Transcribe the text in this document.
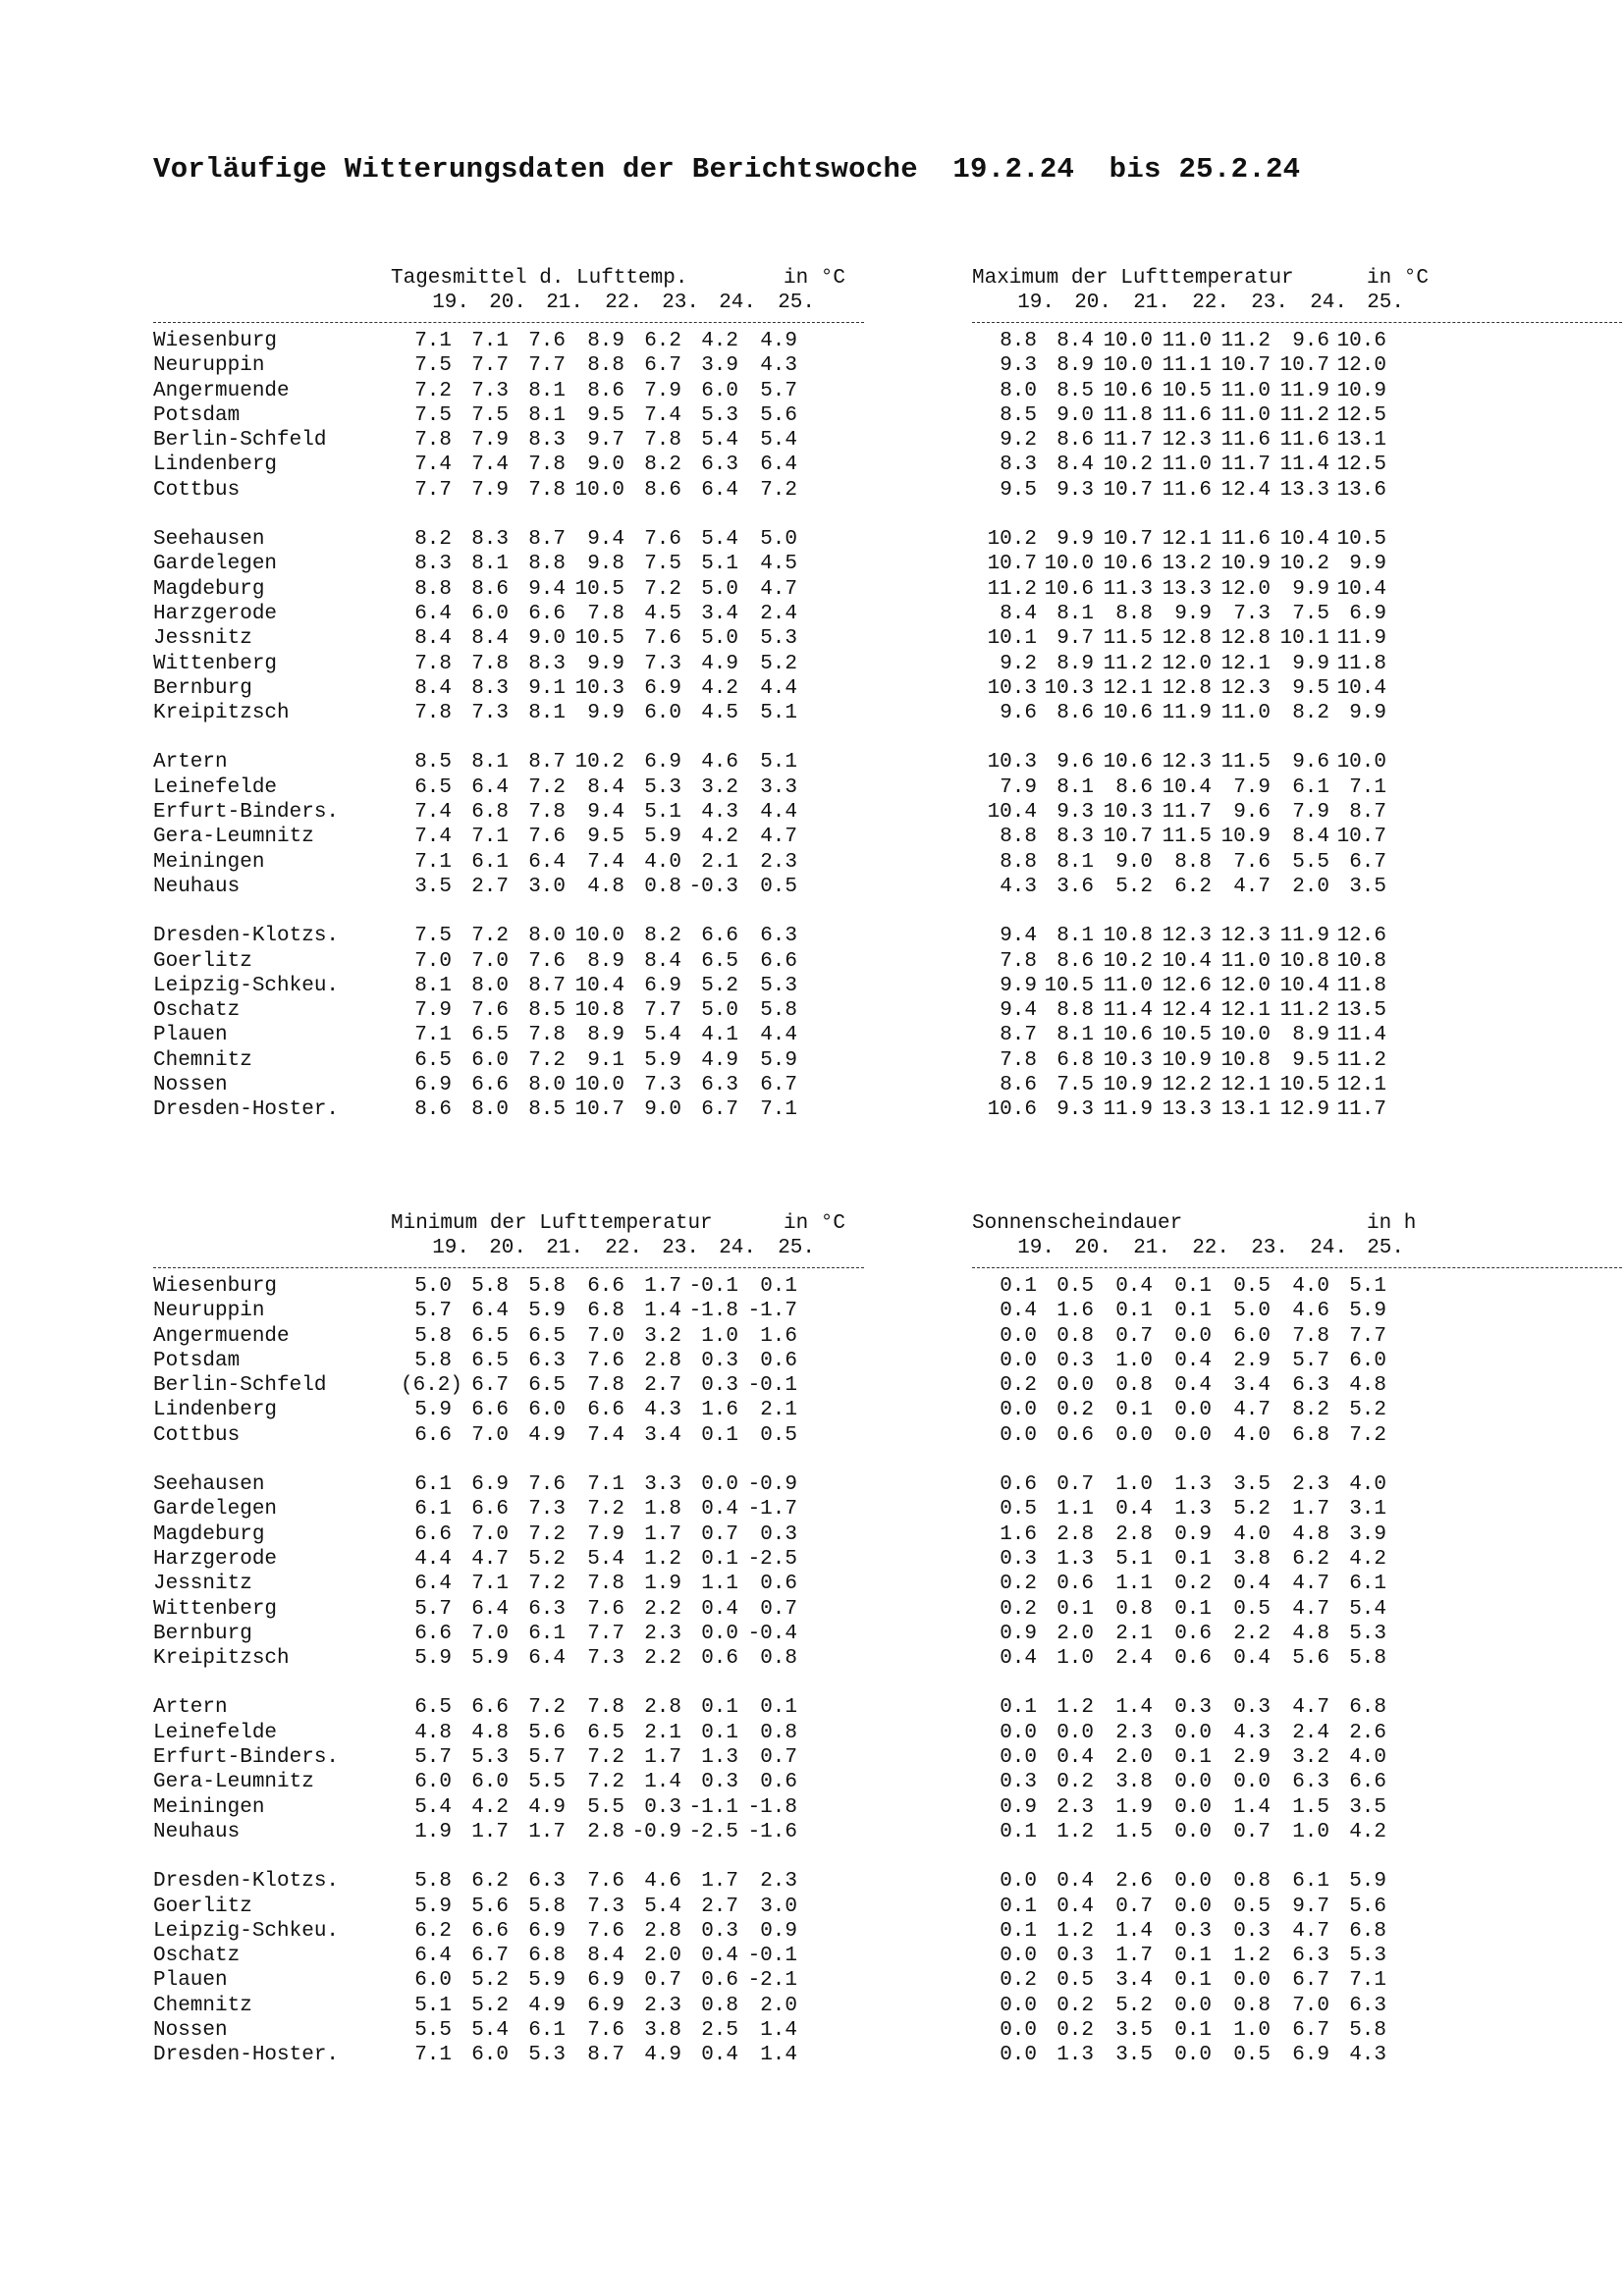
Vorläufige Witterungsdaten der Berichtswoche  19.2.24  bis 25.2.24

Tagesmittel d. Lufttemp.

	in °C

	Maximum der Lufttemperatur

	in °C

19. 20. 21.	22. 23. 24.	25.	19. 20.	21.	22.	23.	24. 25.
Wiesenburg	7.1 7.1 7.6	8.9 6.2 4.2	4.9	8.8 8.4 10.0 11.0 11.2	9.6 10.6
Neuruppin	7.5 7.7 7.7	8.8 6.7 3.9	4.3	9.3 8.9 10.0 11.1 10.7 10.7 12.0
Angermuende	7.2 7.3 8.1	8.6 7.9 6.0	5.7	8.0 8.5 10.6 10.5 11.0 11.9 10.9
Potsdam	7.5 7.5 8.1	9.5 7.4 5.3	5.6	8.5 9.0 11.8 11.6 11.0 11.2 12.5
Berlin-Schfeld	7.8 7.9 8.3	9.7 7.8 5.4	5.4	9.2 8.6 11.7 12.3 11.6 11.6 13.1
Lindenberg	7.4 7.4 7.8	9.0 8.2 6.3	6.4	8.3 8.4 10.2 11.0 11.7 11.4 12.5
Cottbus	7.7 7.9 7.8 10.0 8.6 6.4	7.2	9.5 9.3 10.7 11.6 12.4 13.3 13.6
Seehausen	8.2 8.3 8.7	9.4 7.6 5.4	5.0	10.2 9.9 10.7 12.1 11.6 10.4 10.5
Gardelegen	8.3 8.1 8.8	9.8 7.5 5.1	4.5	10.7 10.0 10.6 13.2 10.9 10.2 9.9
Magdeburg	8.8 8.6 9.4 10.5 7.2 5.0	4.7	11.2 10.6 11.3 13.3 12.0	9.9 10.4
Harzgerode	6.4 6.0 6.6	7.8 4.5 3.4	2.4	8.4 8.1	8.8	9.9	7.3	7.5 6.9
Jessnitz	8.4 8.4 9.0 10.5 7.6 5.0	5.3	10.1 9.7 11.5 12.8 12.8 10.1 11.9
Wittenberg	7.8 7.8 8.3	9.9 7.3 4.9	5.2	9.2 8.9 11.2 12.0 12.1	9.9 11.8
Bernburg	8.4 8.3 9.1 10.3 6.9 4.2	4.4	10.3 10.3 12.1 12.8 12.3	9.5 10.4
Kreipitzsch	7.8 7.3 8.1	9.9 6.0 4.5	5.1	9.6 8.6 10.6 11.9 11.0	8.2 9.9
Artern	8.5 8.1 8.7 10.2 6.9 4.6	5.1	10.3 9.6 10.6 12.3 11.5	9.6 10.0
Leinefelde	6.5 6.4 7.2	8.4 5.3 3.2	3.3	7.9 8.1	8.6 10.4	7.9	6.1 7.1
Erfurt-Binders.	7.4 6.8 7.8	9.4 5.1 4.3	4.4	10.4 9.3 10.3 11.7	9.6	7.9 8.7
Gera-Leumnitz	7.4 7.1 7.6	9.5 5.9 4.2	4.7	8.8 8.3 10.7 11.5 10.9	8.4 10.7
Meiningen	7.1 6.1 6.4	7.4 4.0 2.1	2.3	8.8 8.1	9.0	8.8	7.6	5.5 6.7
Neuhaus	3.5 2.7 3.0	4.8 0.8 -0.3	0.5	4.3 3.6	5.2	6.2	4.7	2.0 3.5
Dresden-Klotzs.	7.5 7.2 8.0 10.0 8.2 6.6	6.3	9.4 8.1 10.8 12.3 12.3 11.9 12.6
Goerlitz	7.0 7.0 7.6	8.9 8.4 6.5	6.6	7.8 8.6 10.2 10.4 11.0 10.8 10.8
Leipzig-Schkeu.	8.1 8.0 8.7 10.4 6.9 5.2	5.3	9.9 10.5 11.0 12.6 12.0 10.4 11.8
Oschatz	7.9 7.6 8.5 10.8 7.7 5.0	5.8	9.4 8.8 11.4 12.4 12.1 11.2 13.5
Plauen	7.1 6.5 7.8	8.9 5.4 4.1	4.4	8.7 8.1 10.6 10.5 10.0	8.9 11.4
Chemnitz	6.5 6.0 7.2	9.1 5.9 4.9	5.9	7.8 6.8 10.3 10.9 10.8	9.5 11.2
Nossen	6.9 6.6 8.0 10.0 7.3 6.3	6.7	8.6 7.5 10.9 12.2 12.1 10.5 12.1
Dresden-Hoster.	8.6 8.0 8.5 10.7 9.0 6.7	7.1	10.6 9.3 11.9 13.3 13.1 12.9 11.7

Minimum der Lufttemperatur

	in °C

	Sonnenscheindauer

	in h

19. 20. 21.	22. 23. 24.	25.	19. 20.	21.	22.	23.	24. 25.
Wiesenburg	5.0 5.8 5.8	6.6 1.7 -0.1	0.1	0.1 0.5	0.4	0.1	0.5	4.0 5.1
Neuruppin	5.7 6.4 5.9	6.8 1.4 -1.8 -1.7	0.4 1.6	0.1	0.1	5.0	4.6 5.9
Angermuende	5.8 6.5 6.5	7.0 3.2 1.0	1.6	0.0 0.8	0.7	0.0	6.0	7.8 7.7
Potsdam	5.8 6.5 6.3	7.6 2.8 0.3	0.6	0.0 0.3	1.0	0.4	2.9	5.7 6.0
Berlin-Schfeld	(6.2) 6.7 6.5	7.8 2.7 0.3 -0.1	0.2 0.0	0.8	0.4	3.4	6.3 4.8
Lindenberg	5.9 6.6 6.0	6.6 4.3 1.6	2.1	0.0 0.2	0.1	0.0	4.7	8.2 5.2
Cottbus	6.6 7.0 4.9	7.4 3.4 0.1	0.5	0.0 0.6	0.0	0.0	4.0	6.8 7.2
Seehausen	6.1 6.9 7.6	7.1 3.3 0.0 -0.9	0.6 0.7	1.0	1.3	3.5	2.3 4.0
Gardelegen	6.1 6.6 7.3	7.2 1.8 0.4 -1.7	0.5 1.1	0.4	1.3	5.2	1.7 3.1
Magdeburg	6.6 7.0 7.2	7.9 1.7 0.7	0.3	1.6 2.8	2.8	0.9	4.0	4.8 3.9
Harzgerode	4.4 4.7 5.2	5.4 1.2 0.1 -2.5	0.3 1.3	5.1	0.1	3.8	6.2 4.2
Jessnitz	6.4 7.1 7.2	7.8 1.9 1.1	0.6	0.2 0.6	1.1	0.2	0.4	4.7 6.1
Wittenberg	5.7 6.4 6.3	7.6 2.2 0.4	0.7	0.2 0.1	0.8	0.1	0.5	4.7 5.4
Bernburg	6.6 7.0 6.1	7.7 2.3 0.0 -0.4	0.9 2.0	2.1	0.6	2.2	4.8 5.3
Kreipitzsch	5.9 5.9 6.4	7.3 2.2 0.6	0.8	0.4 1.0	2.4	0.6	0.4	5.6 5.8
Artern	6.5 6.6 7.2	7.8 2.8 0.1	0.1	0.1 1.2	1.4	0.3	0.3	4.7 6.8
Leinefelde	4.8 4.8 5.6	6.5 2.1 0.1	0.8	0.0 0.0	2.3	0.0	4.3	2.4 2.6
Erfurt-Binders.	5.7 5.3 5.7	7.2 1.7 1.3	0.7	0.0 0.4	2.0	0.1	2.9	3.2 4.0
Gera-Leumnitz	6.0 6.0 5.5	7.2 1.4 0.3	0.6	0.3 0.2	3.8	0.0	0.0	6.3 6.6
Meiningen	5.4 4.2 4.9	5.5 0.3 -1.1 -1.8	0.9 2.3	1.9	0.0	1.4	1.5 3.5
Neuhaus	1.9 1.7 1.7	2.8 -0.9 -2.5 -1.6	0.1 1.2	1.5	0.0	0.7	1.0 4.2
Dresden-Klotzs.	5.8 6.2 6.3	7.6 4.6 1.7	2.3	0.0 0.4	2.6	0.0	0.8	6.1 5.9
Goerlitz	5.9 5.6 5.8	7.3 5.4 2.7	3.0	0.1 0.4	0.7	0.0	0.5	9.7 5.6
Leipzig-Schkeu.	6.2 6.6 6.9	7.6 2.8 0.3	0.9	0.1 1.2	1.4	0.3	0.3	4.7 6.8
Oschatz	6.4 6.7 6.8	8.4 2.0 0.4 -0.1	0.0 0.3	1.7	0.1	1.2	6.3 5.3
Plauen	6.0 5.2 5.9	6.9 0.7 0.6 -2.1	0.2 0.5	3.4	0.1	0.0	6.7 7.1
Chemnitz	5.1 5.2 4.9	6.9 2.3 0.8	2.0	0.0 0.2	5.2	0.0	0.8	7.0 6.3
Nossen	5.5 5.4 6.1	7.6 3.8 2.5	1.4	0.0 0.2	3.5	0.1	1.0	6.7 5.8
Dresden-Hoster.	7.1 6.0 5.3	8.7 4.9 0.4	1.4	0.0 1.3	3.5	0.0	0.5	6.9 4.3
